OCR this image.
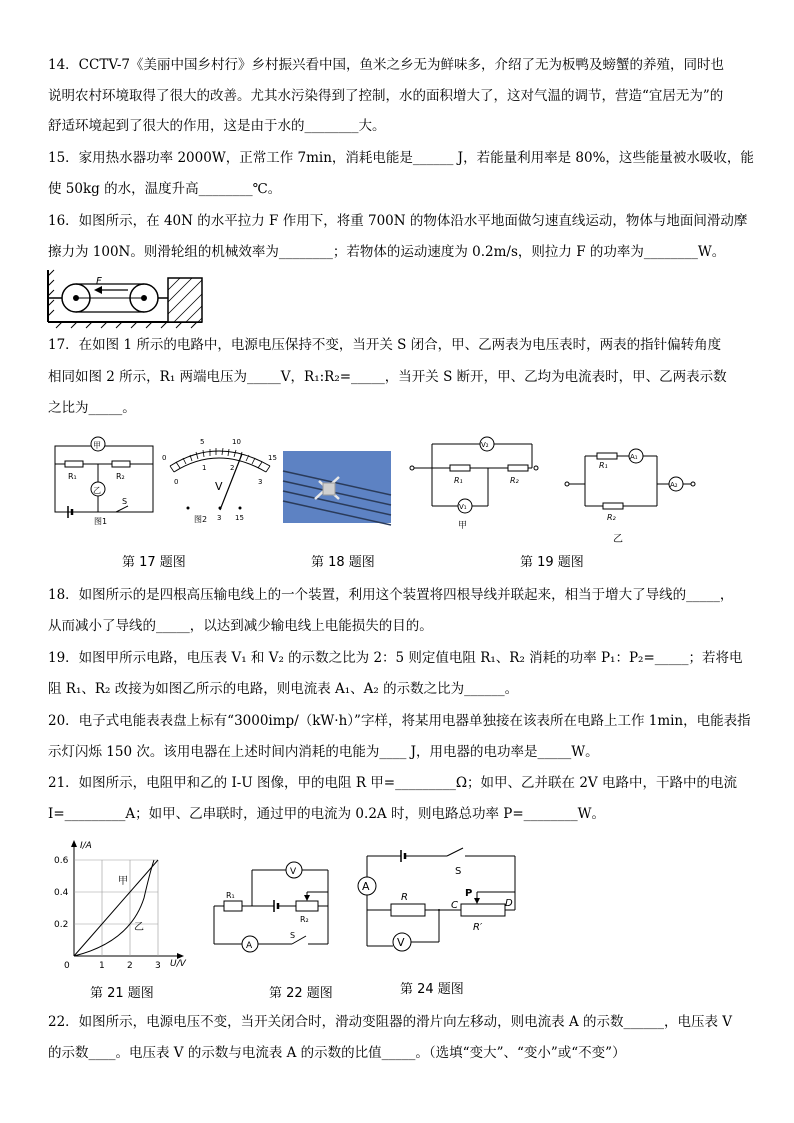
14．CCTV-7《美丽中国乡村行》乡村振兴看中国，鱼米之乡无为鲜味多，介绍了无为板鸭及螃蟹的养殖，同时也
说明农村环境取得了很大的改善。尤其水污染得到了控制，水的面积增大了，这对气温的调节，营造“宜居无为”的
舒适环境起到了很大的作用，这是由于水的________大。
15．家用热水器功率 2000W，正常工作 7min，消耗电能是______ J，若能量利用率是 80%，这些能量被水吸收，能
使 50kg 的水，温度升高________℃。
16．如图所示，在 40N 的水平拉力 F 作用下，将重 700N 的物体沿水平地面做匀速直线运动，物体与地面间滑动摩
擦力为 100N。则滑轮组的机械效率为________；若物体的运动速度为 0.2m/s，则拉力 F 的功率为________W。
F
17．在如图 1 所示的电路中，电源电压保持不变，当开关 S 闭合，甲、乙两表为电压表时，两表的指针偏转角度
相同如图 2 所示，R₁ 两端电压为_____V，R₁:R₂=_____，当开关 S 断开，甲、乙均为电流表时，甲、乙两表示数
之比为_____。
甲
R₁	R₂
乙
S
图1
0
5	10
15
0
1	2
3
V
3 15
图2
V₂
R₁	R₂
V₁
甲
R₁
A₁
R₂
A₂
乙
第 17 题图	第 18 题图	第 19 题图
18．如图所示的是四根高压输电线上的一个装置，利用这个装置将四根导线并联起来，相当于增大了导线的_____，
从而减小了导线的_____，以达到减少输电线上电能损失的目的。
19．如图甲所示电路，电压表 V₁ 和 V₂ 的示数之比为 2：5 则定值电阻 R₁、R₂ 消耗的功率 P₁：P₂=_____；若将电
阻 R₁、R₂ 改接为如图乙所示的电路，则电流表 A₁、A₂ 的示数之比为______。
20．电子式电能表表盘上标有“3000imp/（kW·h）”字样，将某用电器单独接在该表所在电路上工作 1min，电能表指
示灯闪烁 150 次。该用电器在上述时间内消耗的电能为____ J，用电器的电功率是_____W。
21．如图所示，电阻甲和乙的 I-U 图像，甲的电阻 R 甲=_________Ω；如甲、乙并联在 2V 电路中，干路中的电流
I=_________A；如甲、乙串联时，通过甲的电流为 0.2A 时，则电路总功率 P=________W。
I/A
0.6
0.4
0.2
0	1 2 3 U/V
甲
乙
V
R₁
R₂
A
S
S
A
R
C
P
D
R′
V
第 21 题图	第 22 题图	第 24 题图
22．如图所示，电源电压不变，当开关闭合时，滑动变阻器的滑片向左移动，则电流表 A 的示数______，电压表 V
的示数____。电压表 V 的示数与电流表 A 的示数的比值_____。（选填“变大”、“变小”或“不变”）
